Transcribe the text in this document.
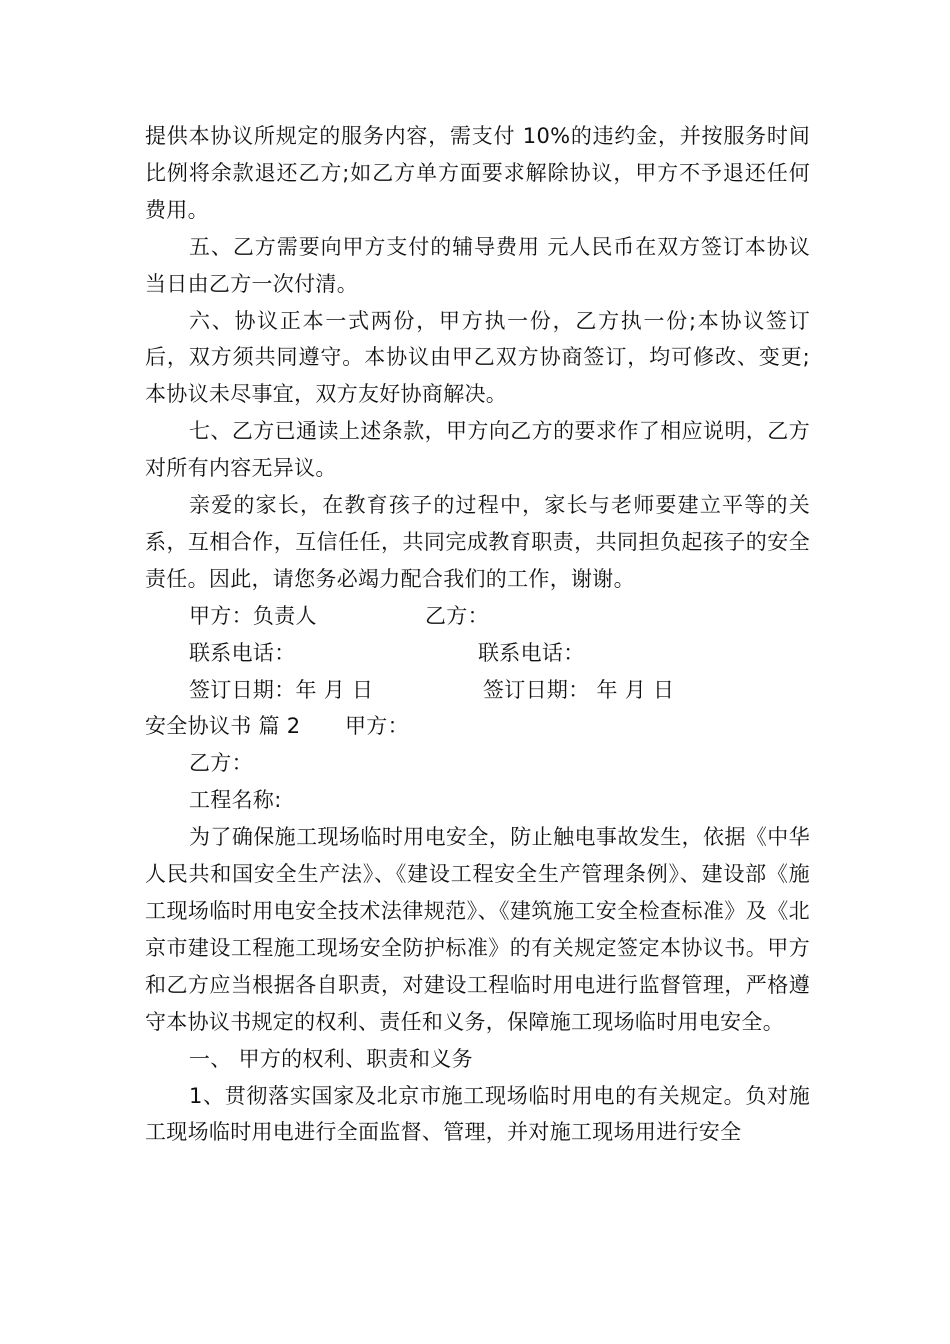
提供本协议所规定的服务内容，需支付 10%的违约金，并按服务时间比例将余款退还乙方;如乙方单方面要求解除协议，甲方不予退还任何费用。

五、乙方需要向甲方支付的辅导费用 元人民币在双方签订本协议当日由乙方一次付清。

六、协议正本一式两份，甲方执一份，乙方执一份;本协议签订后，双方须共同遵守。本协议由甲乙双方协商签订，均可修改、变更;本协议未尽事宜，双方友好协商解决。

七、乙方已通读上述条款，甲方向乙方的要求作了相应说明，乙方对所有内容无异议。

亲爱的家长，在教育孩子的过程中，家长与老师要建立平等的关系，互相合作，互信任任，共同完成教育职责，共同担负起孩子的安全责任。因此，请您务必竭力配合我们的工作，谢谢。

甲方：负责人	乙方：
联系电话：	联系电话：
签订日期：年 月 日	签订日期： 年 月 日
安全协议书 篇 2 甲方：

乙方：

工程名称:

为了确保施工现场临时用电安全，防止触电事故发生，依据《中华人民共和国安全生产法》、《建设工程安全生产管理条例》、建设部《施工现场临时用电安全技术法律规范》、《建筑施工安全检查标准》及《北京市建设工程施工现场安全防护标准》的有关规定签定本协议书。甲方和乙方应当根据各自职责，对建设工程临时用电进行监督管理，严格遵守本协议书规定的权利、责任和义务，保障施工现场临时用电安全。

一、 甲方的权利、职责和义务

1、贯彻落实国家及北京市施工现场临时用电的有关规定。负对施工现场临时用电进行全面监督、管理，并对施工现场用进行安全
